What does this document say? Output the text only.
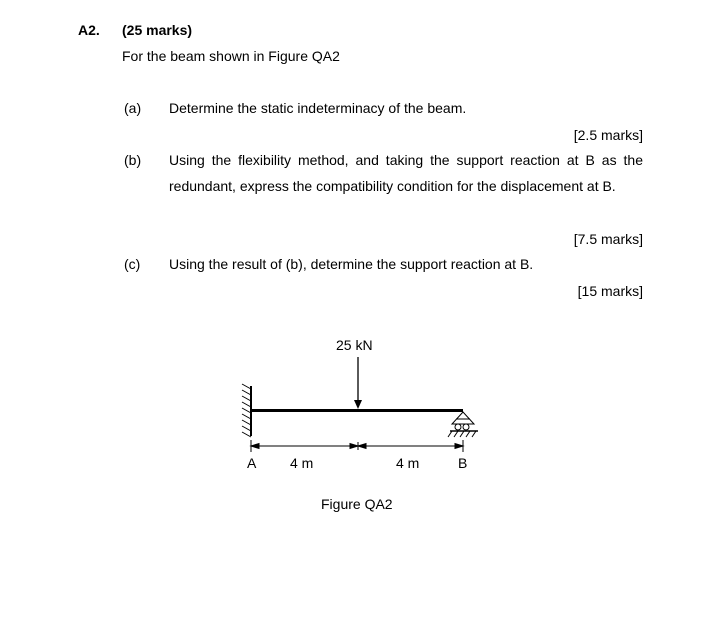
A2. (25 marks)
For the beam shown in Figure QA2
(a) Determine the static indeterminacy of the beam.
[2.5 marks]
(b) Using the flexibility method, and taking the support reaction at B as the redundant, express the compatibility condition for the displacement at B.
[7.5 marks]
(c) Using the result of (b), determine the support reaction at B.
[15 marks]
25 kN
A 4 m	4 m	B
Figure QA2
